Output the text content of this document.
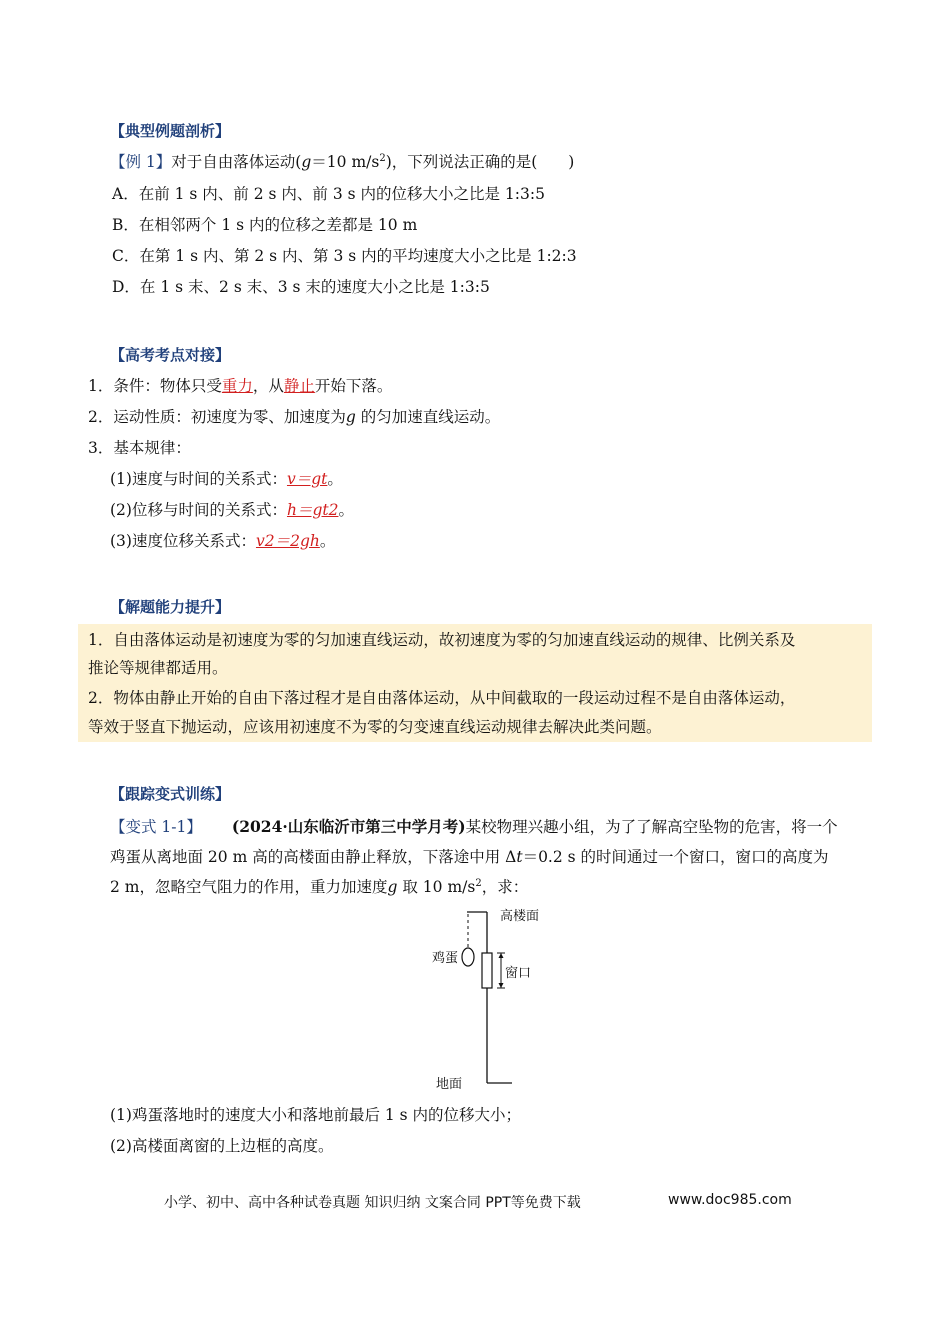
【典型例题剖析】
【例 1】对于自由落体运动(g＝10 $m/s^2$)，下列说法正确的是(　　)
A．在前 1 s 内、前 2 s 内、前 3 s 内的位移大小之比是 1:3:5
B．在相邻两个 1 s 内的位移之差都是 10 m
C．在第 1 s 内、第 2 s 内、第 3 s 内的平均速度大小之比是 1:2:3
D．在 1 s 末、2 s 末、3 s 末的速度大小之比是 1:3:5
【高考考点对接】
1．条件：物体只受重力，从静止开始下落。
2．运动性质：初速度为零、加速度为g 的匀加速直线运动。
3．基本规律：
(1)速度与时间的关系式：v＝gt。
(2)位移与时间的关系式：h＝gt2。
(3)速度位移关系式：v2＝2gh。
【解题能力提升】
1．自由落体运动是初速度为零的匀加速直线运动，故初速度为零的匀加速直线运动的规律、比例关系及
推论等规律都适用。
2．物体由静止开始的自由下落过程才是自由落体运动，从中间截取的一段运动过程不是自由落体运动，
等效于竖直下抛运动，应该用初速度不为零的匀变速直线运动规律去解决此类问题。
【跟踪变式训练】
【变式 1-1】 (2024·山东临沂市第三中学月考)某校物理兴趣小组，为了了解高空坠物的危害，将一个
鸡蛋从离地面 20 m 高的高楼面由静止释放，下落途中用 Δt＝0.2 s 的时间通过一个窗口，窗口的高度为
2 m，忽略空气阻力的作用，重力加速度g 取 10 $m/s^2$，求：
高楼面
鸡蛋
窗口
地面
(1)鸡蛋落地时的速度大小和落地前最后 1 s 内的位移大小；
(2)高楼面离窗的上边框的高度。
小学、初中、高中各种试卷真题 知识归纳 文案合同 PPT等免费下载	www.doc985.com
